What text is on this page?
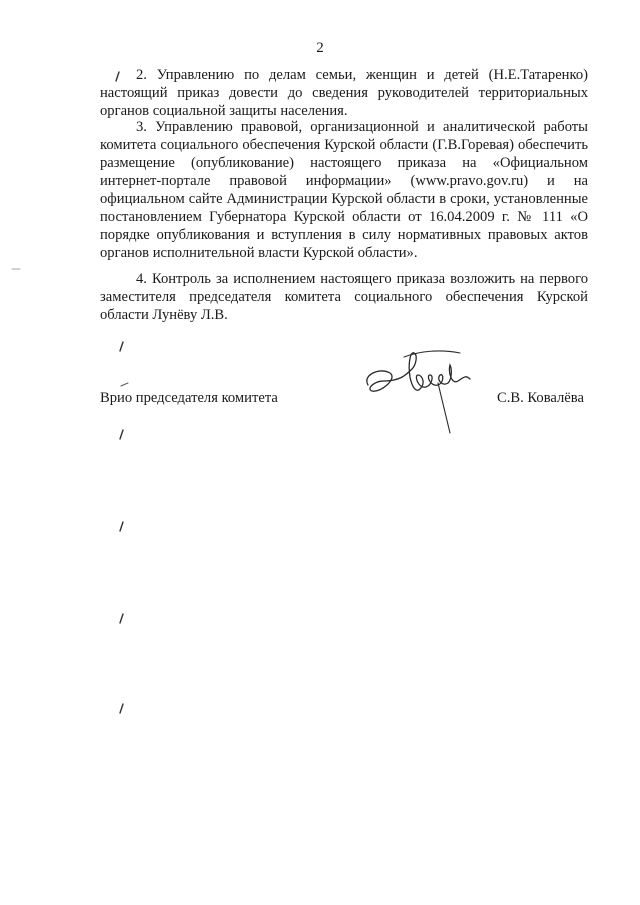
2

2. Управлению по делам семьи, женщин и детей (Н.Е.Татаренко) настоящий приказ довести до сведения руководителей территориальных органов социальной защиты населения.

3. Управлению правовой, организационной и аналитической работы комитета социального обеспечения Курской области (Г.В.Горевая) обеспечить размещение (опубликование) настоящего приказа на «Официальном интернет-портале правовой информации» (www.pravo.gov.ru) и на официальном сайте Администрации Курской области в сроки, установленные постановлением Губернатора Курской области от 16.04.2009 г. № 111 «О порядке опубликования и вступления в силу нормативных правовых актов органов исполнительной власти Курской области».

4. Контроль за исполнением настоящего приказа возложить на первого заместителя председателя комитета социального обеспечения Курской области Лунёву Л.В.

Врио председателя комитета	С.В. Ковалёва
